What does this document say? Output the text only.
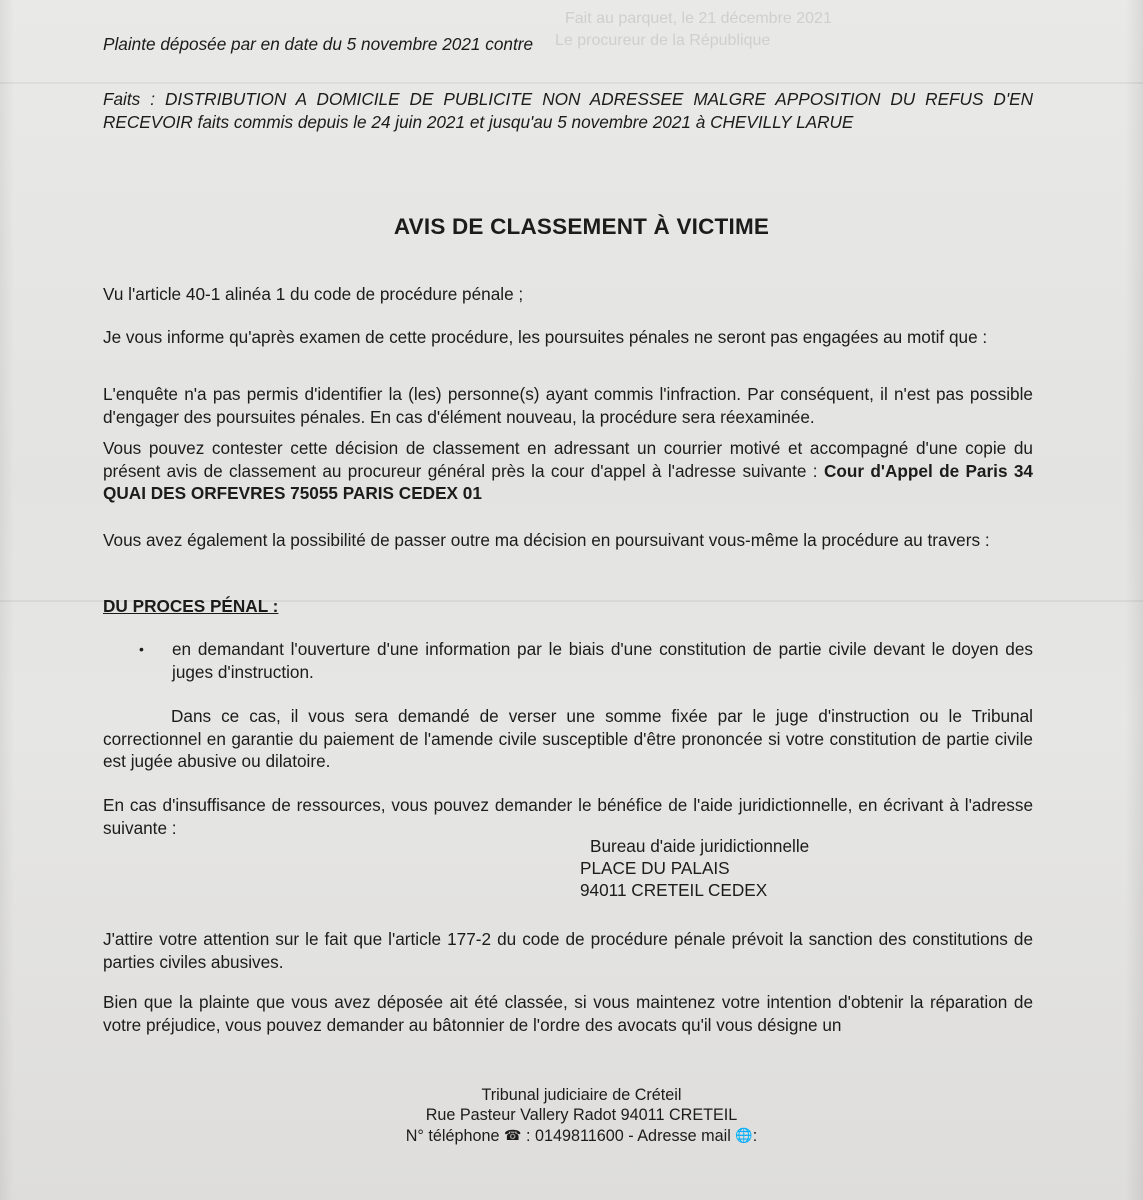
Fait au parquet, le 21 décembre 2021
Le procureur de la République
Plainte déposée par en date du 5 novembre 2021 contre
Faits : DISTRIBUTION A DOMICILE DE PUBLICITE NON ADRESSEE MALGRE APPOSITION DU REFUS D'EN RECEVOIR faits commis depuis le 24 juin 2021 et jusqu'au 5 novembre 2021 à CHEVILLY LARUE
AVIS DE CLASSEMENT À VICTIME
Vu l'article 40-1 alinéa 1 du code de procédure pénale ;
Je vous informe qu'après examen de cette procédure, les poursuites pénales ne seront pas engagées au motif que :
L'enquête n'a pas permis d'identifier la (les) personne(s) ayant commis l'infraction. Par conséquent, il n'est pas possible d'engager des poursuites pénales. En cas d'élément nouveau, la procédure sera réexaminée.
Vous pouvez contester cette décision de classement en adressant un courrier motivé et accompagné d'une copie du présent avis de classement au procureur général près la cour d'appel à l'adresse suivante : Cour d'Appel de Paris 34 QUAI DES ORFEVRES 75055 PARIS CEDEX 01
Vous avez également la possibilité de passer outre ma décision en poursuivant vous-même la procédure au travers :
DU PROCES PÉNAL :
• en demandant l'ouverture d'une information par le biais d'une constitution de partie civile devant le doyen des juges d'instruction.
Dans ce cas, il vous sera demandé de verser une somme fixée par le juge d'instruction ou le Tribunal correctionnel en garantie du paiement de l'amende civile susceptible d'être prononcée si votre constitution de partie civile est jugée abusive ou dilatoire.
En cas d'insuffisance de ressources, vous pouvez demander le bénéfice de l'aide juridictionnelle, en écrivant à l'adresse suivante :
Bureau d'aide juridictionnelle
PLACE DU PALAIS
94011 CRETEIL CEDEX
J'attire votre attention sur le fait que l'article 177-2 du code de procédure pénale prévoit la sanction des constitutions de parties civiles abusives.
Bien que la plainte que vous avez déposée ait été classée, si vous maintenez votre intention d'obtenir la réparation de votre préjudice, vous pouvez demander au bâtonnier de l'ordre des avocats qu'il vous désigne un
Tribunal judiciaire de Créteil
Rue Pasteur Vallery Radot 94011 CRETEIL
N° téléphone ☎ : 0149811600 - Adresse mail 🌐:
